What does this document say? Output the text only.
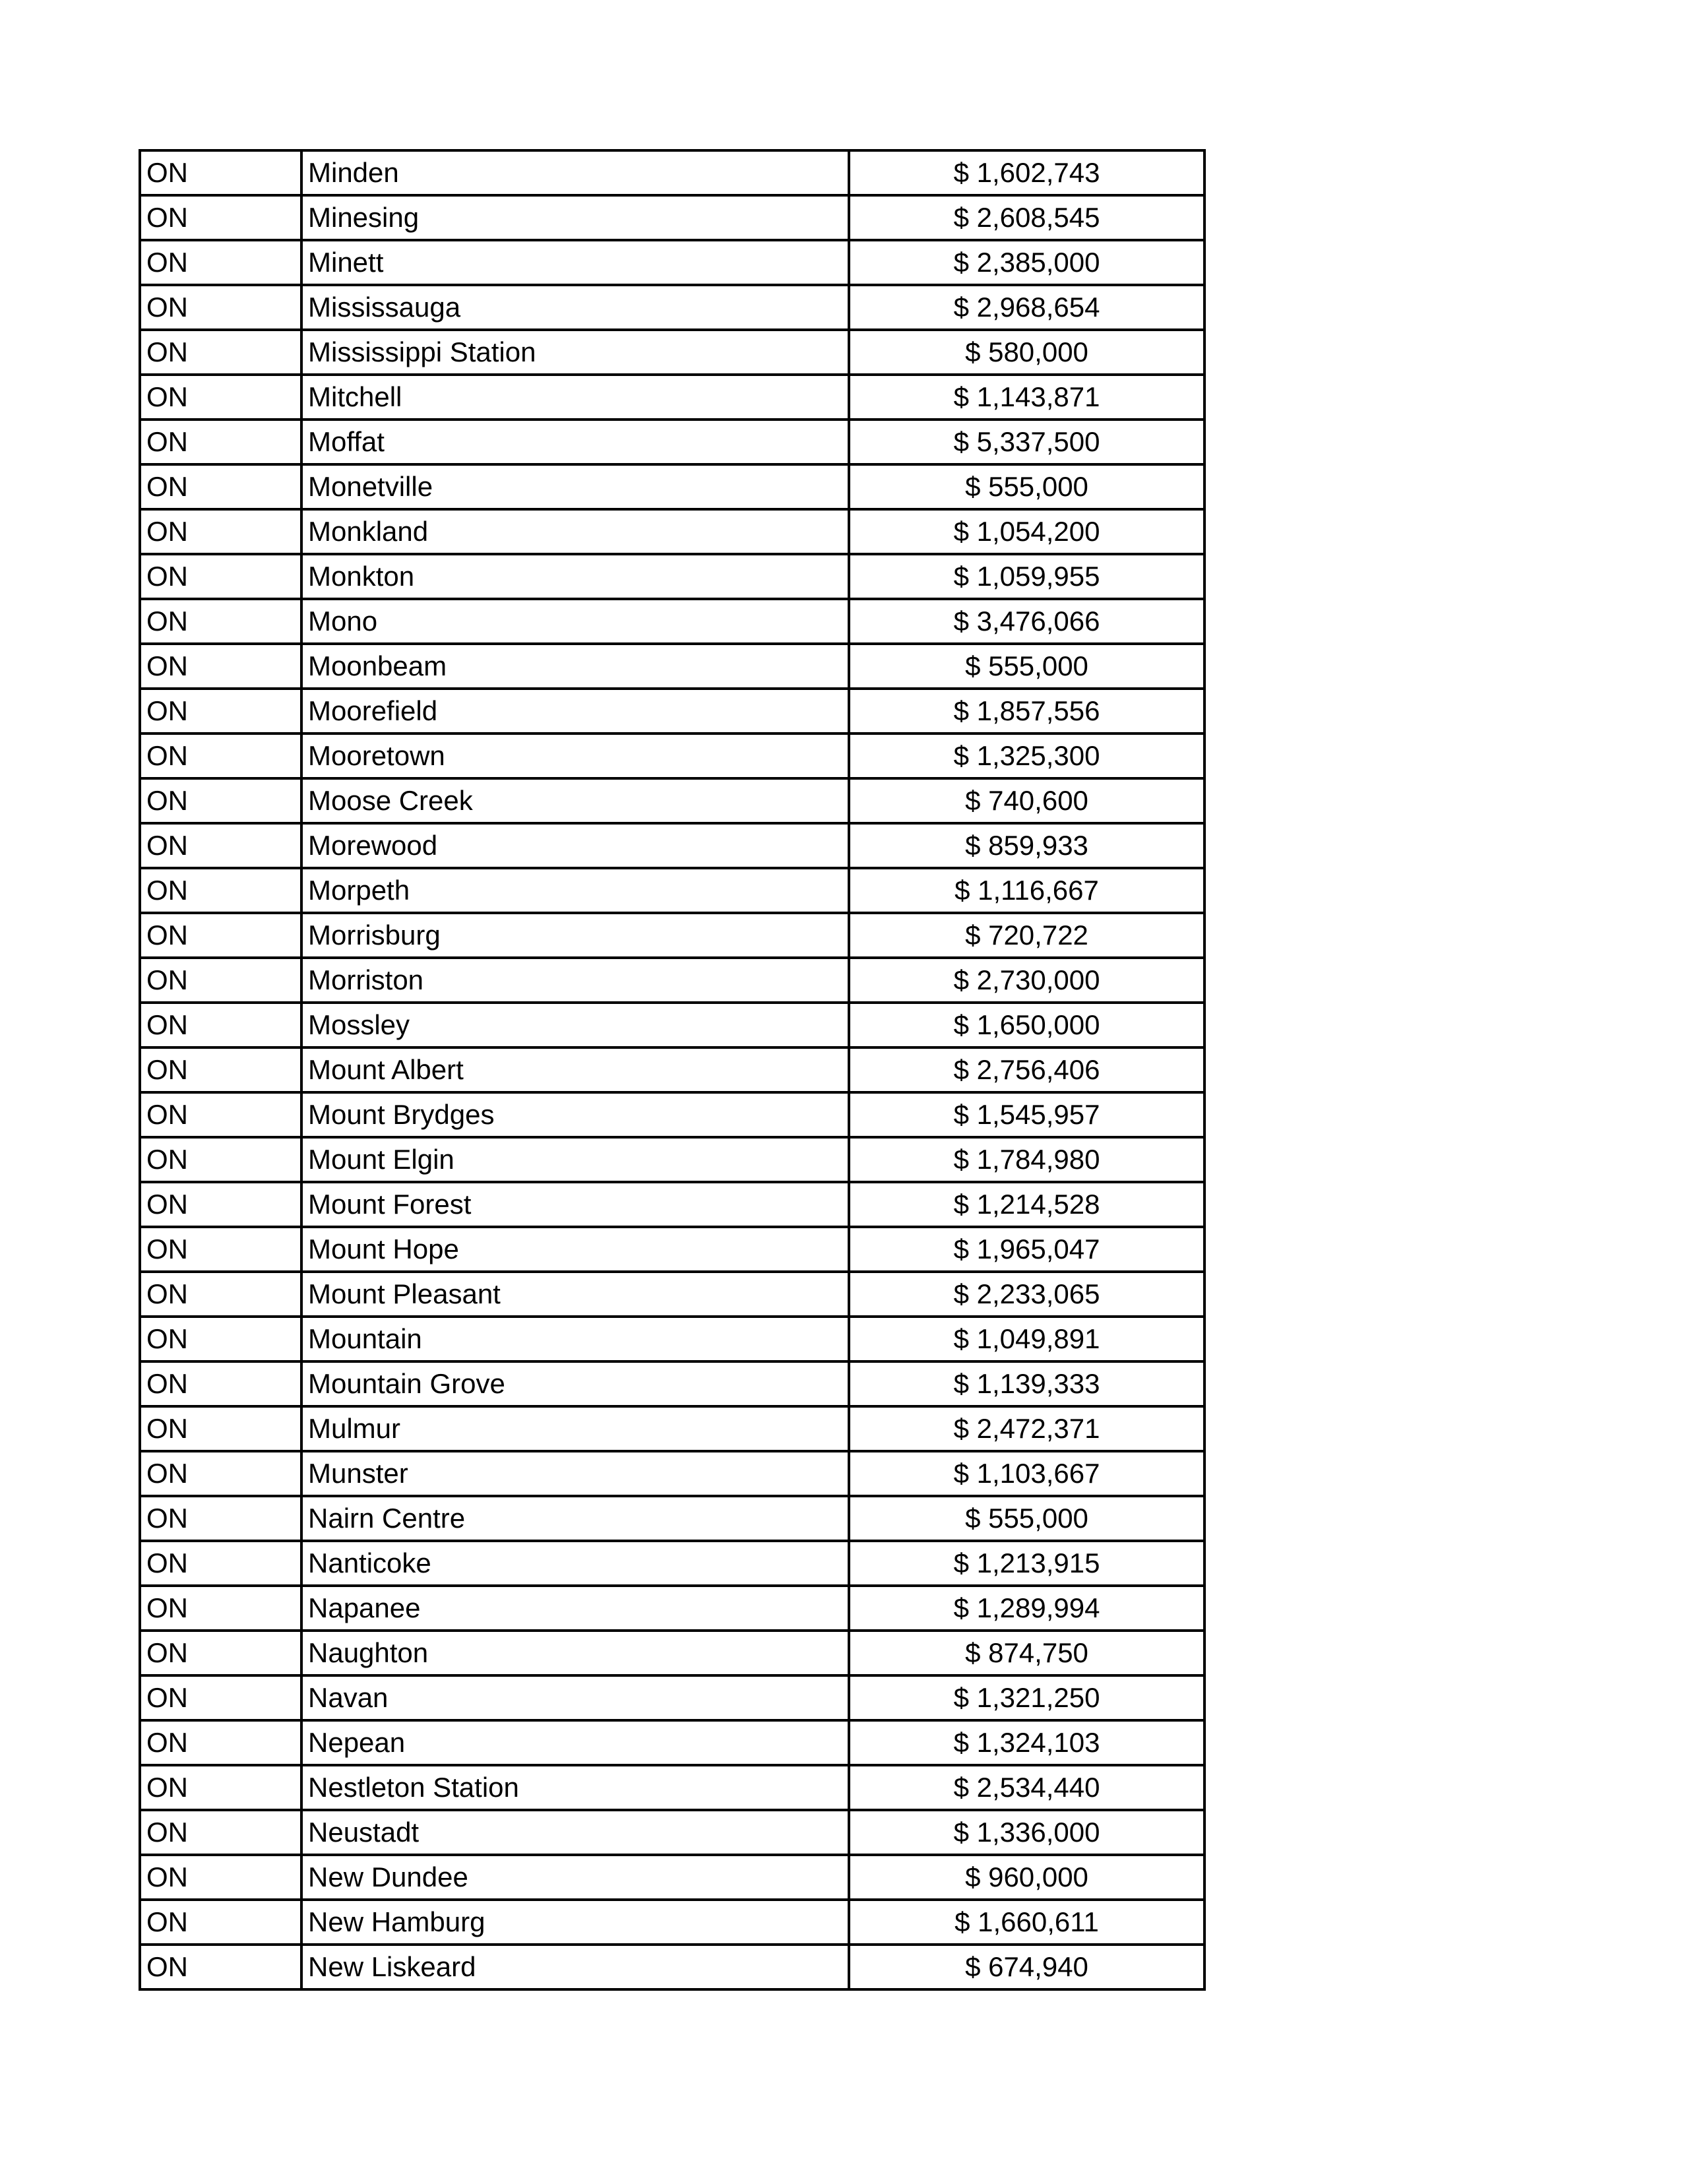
ON	Minden	$ 1,602,743
ON	Minesing	$ 2,608,545
ON	Minett	$ 2,385,000
ON	Mississauga	$ 2,968,654
ON	Mississippi Station	$ 580,000
ON	Mitchell	$ 1,143,871
ON	Moffat	$ 5,337,500
ON	Monetville	$ 555,000
ON	Monkland	$ 1,054,200
ON	Monkton	$ 1,059,955
ON	Mono	$ 3,476,066
ON	Moonbeam	$ 555,000
ON	Moorefield	$ 1,857,556
ON	Mooretown	$ 1,325,300
ON	Moose Creek	$ 740,600
ON	Morewood	$ 859,933
ON	Morpeth	$ 1,116,667
ON	Morrisburg	$ 720,722
ON	Morriston	$ 2,730,000
ON	Mossley	$ 1,650,000
ON	Mount Albert	$ 2,756,406
ON	Mount Brydges	$ 1,545,957
ON	Mount Elgin	$ 1,784,980
ON	Mount Forest	$ 1,214,528
ON	Mount Hope	$ 1,965,047
ON	Mount Pleasant	$ 2,233,065
ON	Mountain	$ 1,049,891
ON	Mountain Grove	$ 1,139,333
ON	Mulmur	$ 2,472,371
ON	Munster	$ 1,103,667
ON	Nairn Centre	$ 555,000
ON	Nanticoke	$ 1,213,915
ON	Napanee	$ 1,289,994
ON	Naughton	$ 874,750
ON	Navan	$ 1,321,250
ON	Nepean	$ 1,324,103
ON	Nestleton Station	$ 2,534,440
ON	Neustadt	$ 1,336,000
ON	New Dundee	$ 960,000
ON	New Hamburg	$ 1,660,611
ON	New Liskeard	$ 674,940
